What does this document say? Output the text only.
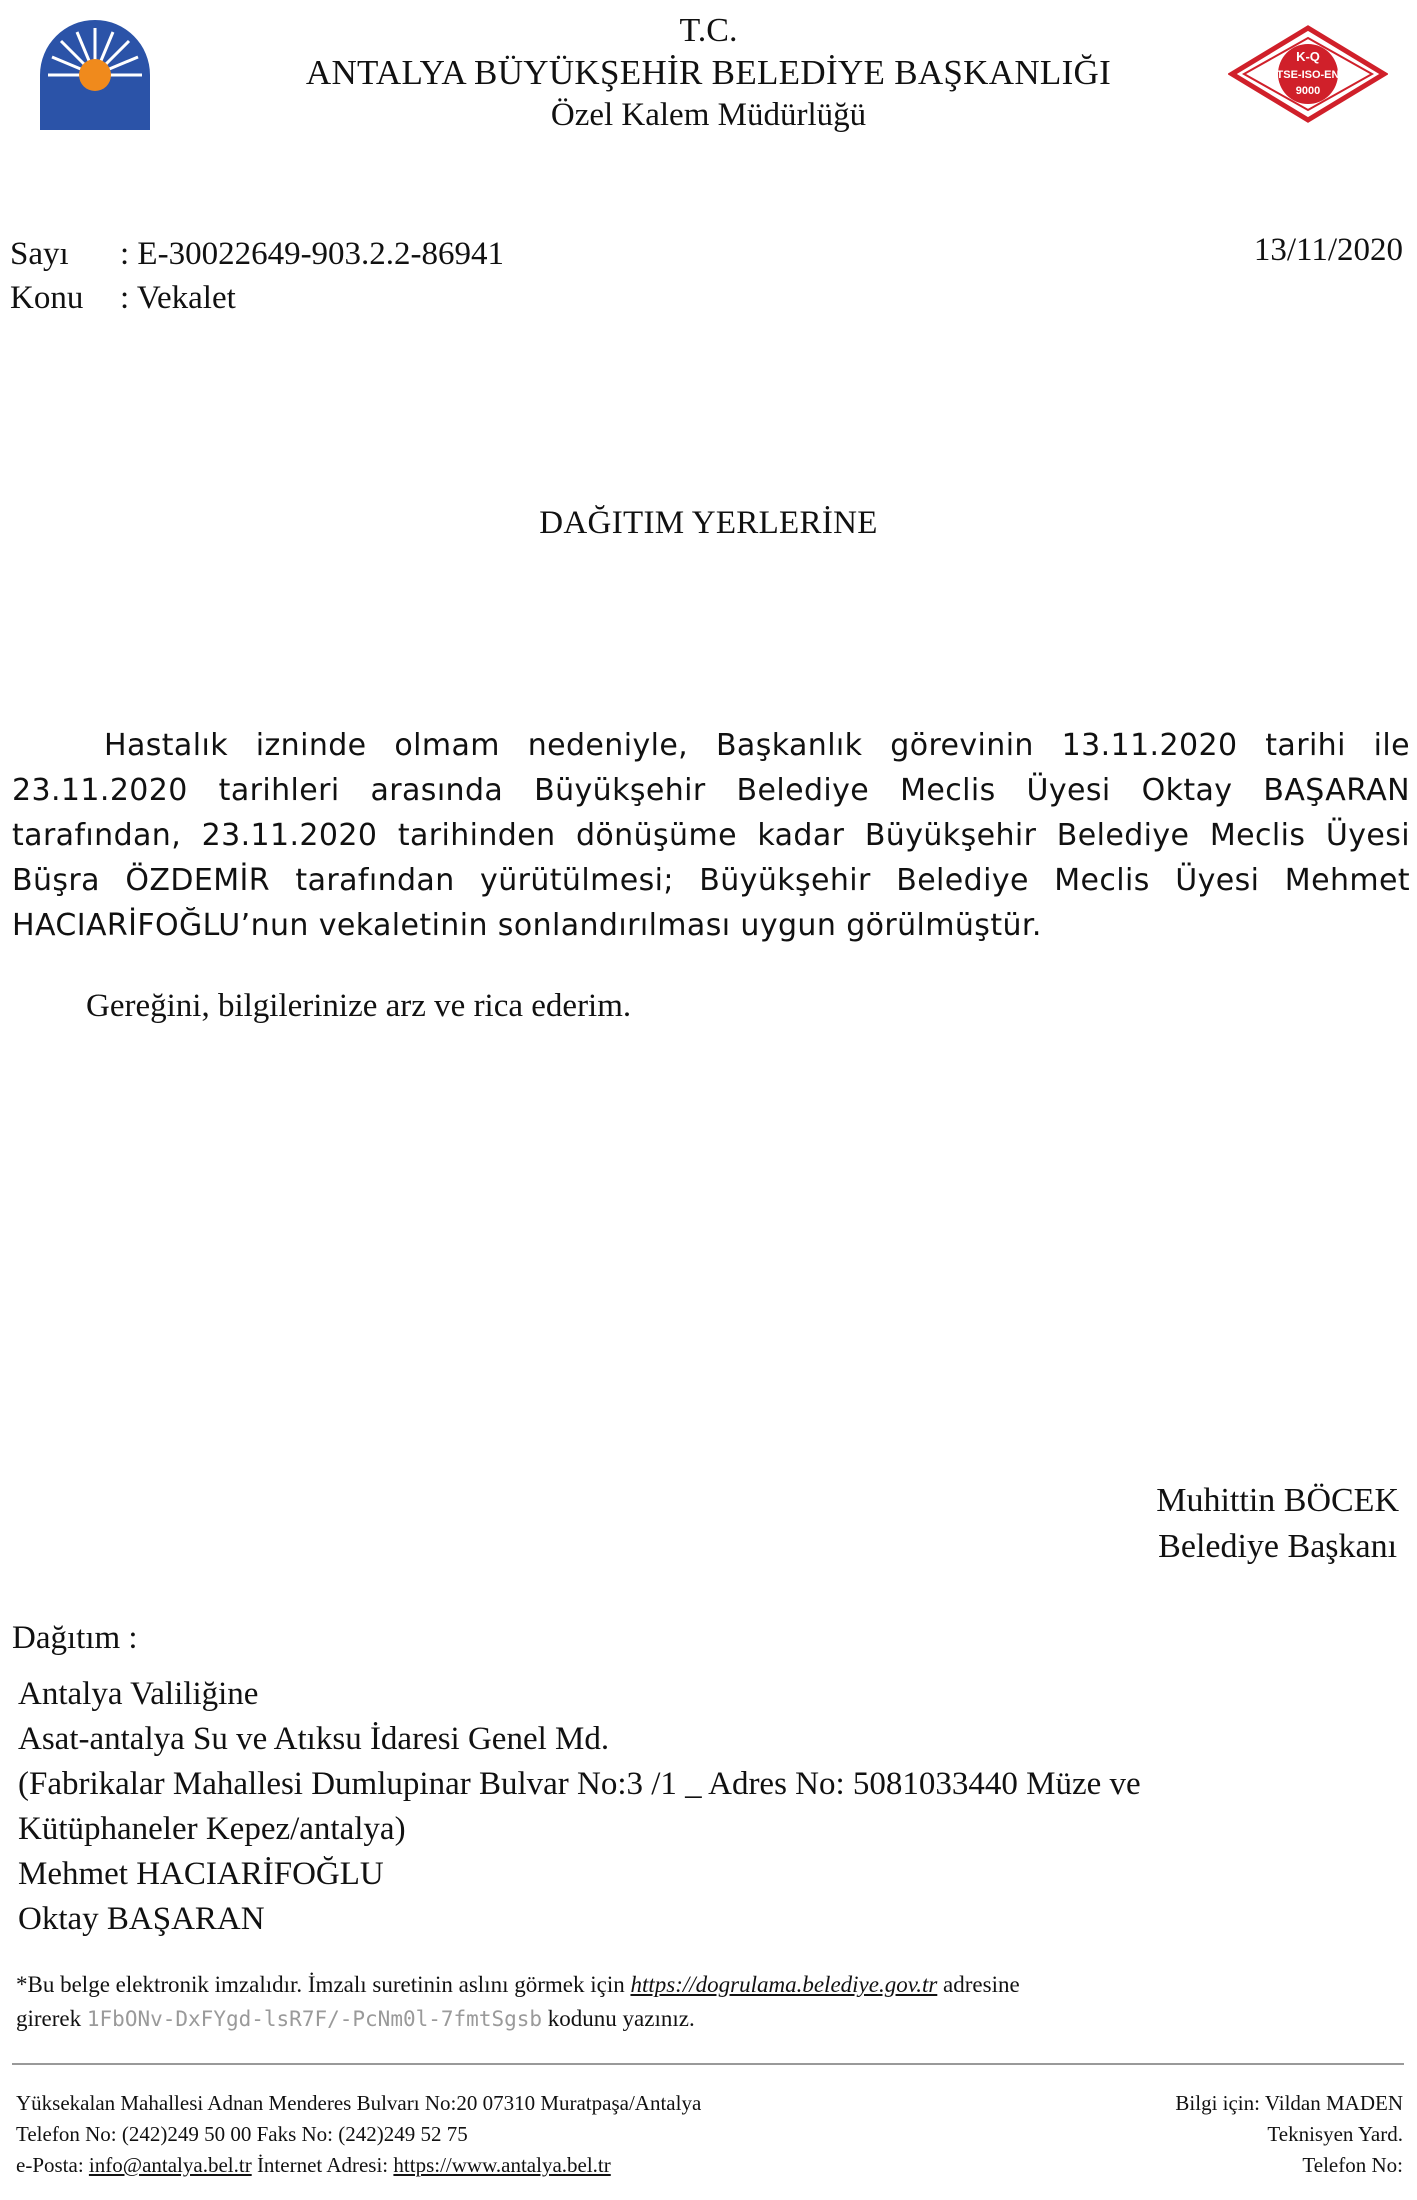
T.C.
ANTALYA BÜYÜKŞEHİR BELEDİYE BAŞKANLIĞI
Özel Kalem Müdürlüğü
K-Q
TSE-ISO-EN
9000
Sayı : E-30022649-903.2.2-86941
Konu : Vekalet
13/11/2020
DAĞITIM YERLERİNE
Hastalık izninde olmam nedeniyle, Başkanlık görevinin 13.11.2020 tarihi ile 23.11.2020 tarihleri arasında Büyükşehir Belediye Meclis Üyesi Oktay BAŞARAN tarafından, 23.11.2020 tarihinden dönüşüme kadar Büyükşehir Belediye Meclis Üyesi Büşra ÖZDEMİR tarafından yürütülmesi; Büyükşehir Belediye Meclis Üyesi Mehmet HACIARİFOĞLU’nun vekaletinin sonlandırılması uygun görülmüştür.
Gereğini, bilgilerinize arz ve rica ederim.
Muhittin BÖCEK
Belediye Başkanı
Dağıtım :
Antalya Valiliğine
Asat-antalya Su ve Atıksu İdaresi Genel Md.
(Fabrikalar Mahallesi Dumlupinar Bulvar No:3 /1 _ Adres No: 5081033440 Müze ve
Kütüphaneler Kepez/antalya)
Mehmet HACIARİFOĞLU
Oktay BAŞARAN
*Bu belge elektronik imzalıdır. İmzalı suretinin aslını görmek için https://dogrulama.belediye.gov.tr adresine
girerek 1FbONv-DxFYgd-lsR7F/-PcNm0l-7fmtSgsb kodunu yazınız.
Yüksekalan Mahallesi Adnan Menderes Bulvarı No:20 07310 Muratpaşa/Antalya
Telefon No: (242)249 50 00 Faks No: (242)249 52 75
e-Posta: info@antalya.bel.tr İnternet Adresi: https://www.antalya.bel.tr
Bilgi için: Vildan MADEN
Teknisyen Yard.
Telefon No:
